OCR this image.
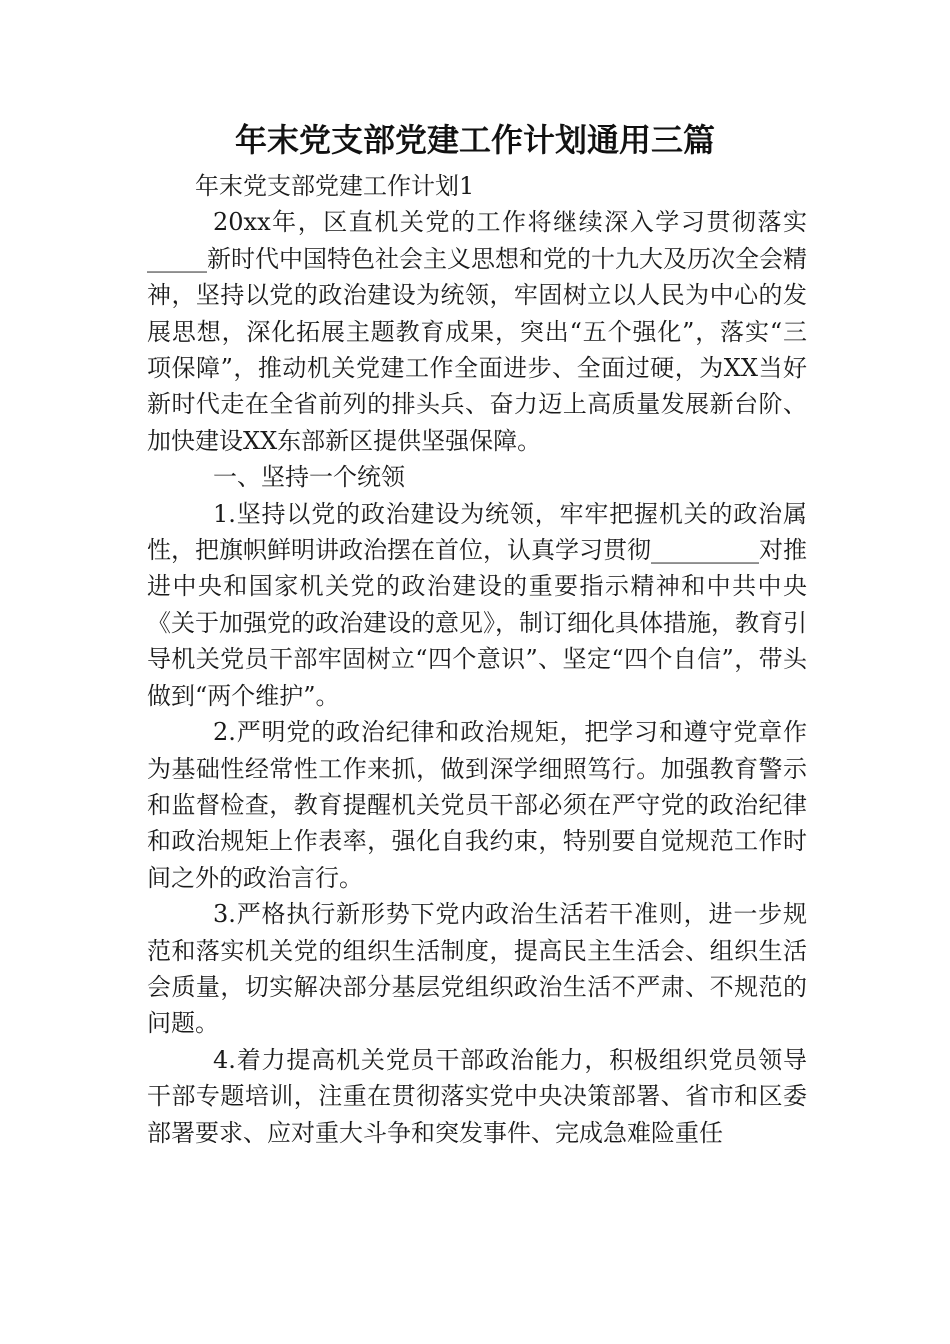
年末党支部党建工作计划通用三篇

年末党支部党建工作计划1

20xx年，区直机关党的工作将继续深入学习贯彻落实_____新时代中国特色社会主义思想和党的十九大及历次全会精神，坚持以党的政治建设为统领，牢固树立以人民为中心的发展思想，深化拓展主题教育成果，突出“五个强化”，落实“三项保障”，推动机关党建工作全面进步、全面过硬，为XX当好新时代走在全省前列的排头兵、奋力迈上高质量发展新台阶、加快建设XX东部新区提供坚强保障。

一、坚持一个统领

1.坚持以党的政治建设为统领，牢牢把握机关的政治属性，把旗帜鲜明讲政治摆在首位，认真学习贯彻_________对推进中央和国家机关党的政治建设的重要指示精神和中共中央《关于加强党的政治建设的意见》，制订细化具体措施，教育引导机关党员干部牢固树立“四个意识”、坚定“四个自信”，带头做到“两个维护”。

2.严明党的政治纪律和政治规矩，把学习和遵守党章作为基础性经常性工作来抓，做到深学细照笃行。加强教育警示和监督检查，教育提醒机关党员干部必须在严守党的政治纪律和政治规矩上作表率，强化自我约束，特别要自觉规范工作时间之外的政治言行。

3.严格执行新形势下党内政治生活若干准则，进一步规范和落实机关党的组织生活制度，提高民主生活会、组织生活会质量，切实解决部分基层党组织政治生活不严肃、不规范的问题。

4.着力提高机关党员干部政治能力，积极组织党员领导干部专题培训，注重在贯彻落实党中央决策部署、省市和区委部署要求、应对重大斗争和突发事件、完成急难险重任
